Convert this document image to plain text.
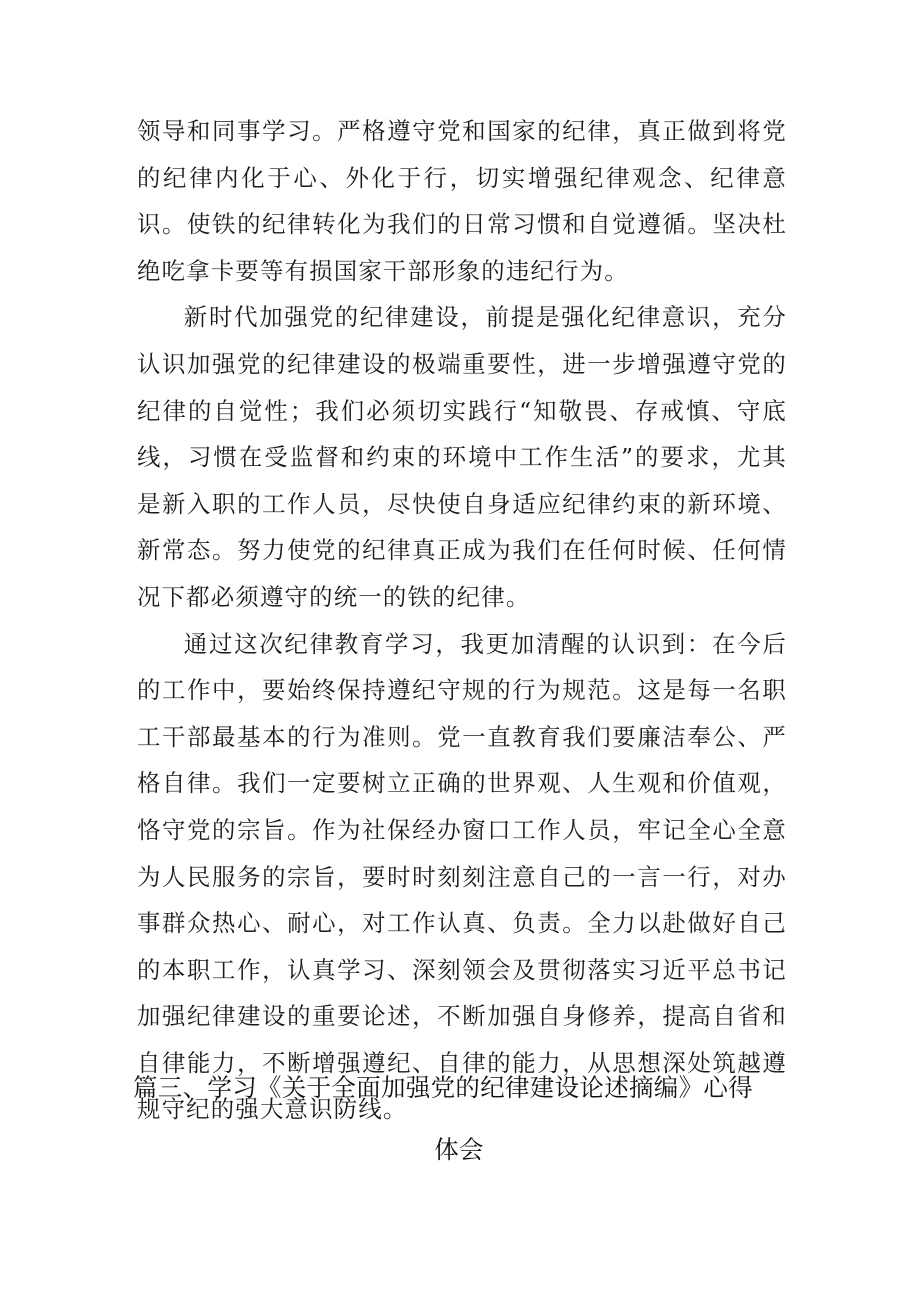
领导和同事学习。严格遵守党和国家的纪律，真正做到将党的纪律内化于心、外化于行，切实增强纪律观念、纪律意识。使铁的纪律转化为我们的日常习惯和自觉遵循。坚决杜绝吃拿卡要等有损国家干部形象的违纪行为。

新时代加强党的纪律建设，前提是强化纪律意识，充分认识加强党的纪律建设的极端重要性，进一步增强遵守党的纪律的自觉性；我们必须切实践行“知敬畏、存戒慎、守底线，习惯在受监督和约束的环境中工作生活”的要求，尤其是新入职的工作人员，尽快使自身适应纪律约束的新环境、新常态。努力使党的纪律真正成为我们在任何时候、任何情况下都必须遵守的统一的铁的纪律。

通过这次纪律教育学习，我更加清醒的认识到：在今后的工作中，要始终保持遵纪守规的行为规范。这是每一名职工干部最基本的行为准则。党一直教育我们要廉洁奉公、严格自律。我们一定要树立正确的世界观、人生观和价值观，恪守党的宗旨。作为社保经办窗口工作人员，牢记全心全意为人民服务的宗旨，要时时刻刻注意自己的一言一行，对办事群众热心、耐心，对工作认真、负责。全力以赴做好自己的本职工作，认真学习、深刻领会及贯彻落实习近平总书记加强纪律建设的重要论述，不断加强自身修养，提高自省和自律能力，不断增强遵纪、自律的能力，从思想深处筑越遵规守纪的强大意识防线。

篇三、学习《关于全面加强党的纪律建设论述摘编》心得
体会
